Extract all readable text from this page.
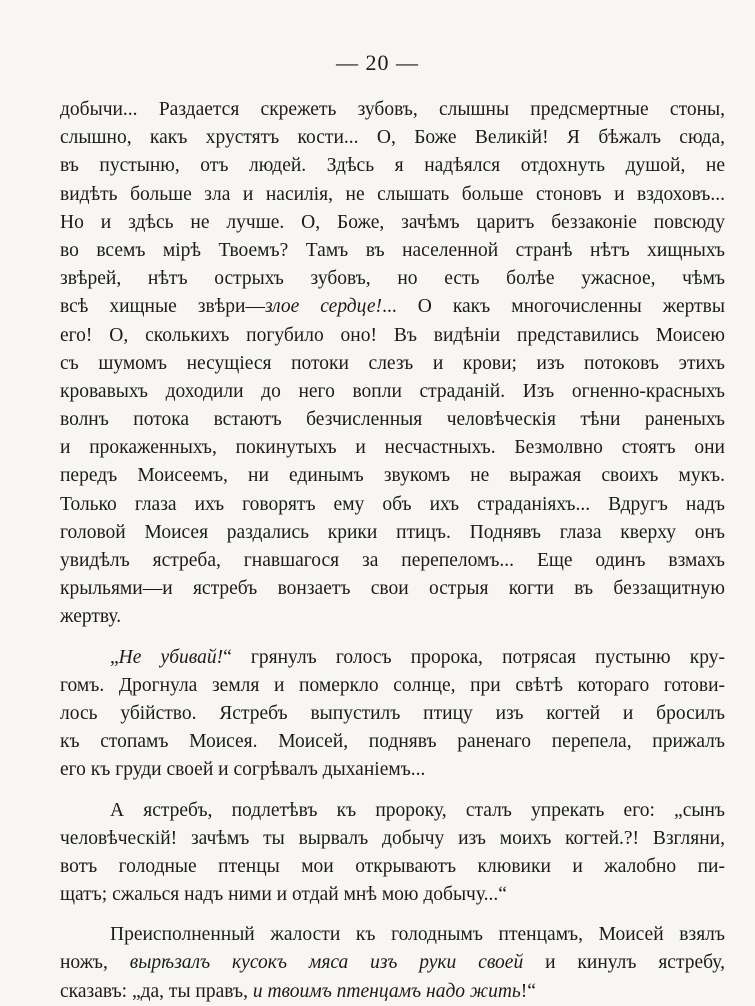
— 20 —
добычи... Раздается скрежеть зубовъ, слышны предсмертные стоны,
слышно, какъ хрустятъ кости... О, Боже Великій! Я бѣжалъ сюда,
въ пустыню, отъ людей. Здѣсь я надѣялся отдохнуть душой, не
видѣть больше зла и насилія, не слышать больше стоновъ и вздоховъ...
Но и здѣсь не лучше. О, Боже, зачѣмъ царитъ беззаконіе повсюду
во всемъ мірѣ Твоемъ? Тамъ въ населенной странѣ нѣтъ хищныхъ
звѣрей, нѣтъ острыхъ зубовъ, но есть болѣе ужасное, чѣмъ
всѣ хищные звѣри—злое сердце!... О какъ многочисленны жертвы
его! О, сколькихъ погубило оно! Въ видѣніи представились Моисею
съ шумомъ несущіеся потоки слезъ и крови; изъ потоковъ этихъ
кровавыхъ доходили до него вопли страданій. Изъ огненно-красныхъ
волнъ потока встаютъ безчисленныя человѣческія тѣни раненыхъ
и прокаженныхъ, покинутыхъ и несчастныхъ. Безмолвно стоятъ они
передъ Моисеемъ, ни единымъ звукомъ не выражая своихъ мукъ.
Только глаза ихъ говорятъ ему объ ихъ страданіяхъ... Вдругъ надъ
головой Моисея раздались крики птицъ. Поднявъ глаза кверху онъ
увидѣлъ ястреба, гнавшагося за перепеломъ... Еще одинъ взмахъ
крыльями—и ястребъ вонзаетъ свои острыя когти въ беззащитную
жертву.
„Не убивай!“ грянулъ голосъ пророка, потрясая пустыню кру-
гомъ. Дрогнула земля и померкло солнце, при свѣтѣ котораго готови-
лось убійство. Ястребъ выпустилъ птицу изъ когтей и бросилъ
къ стопамъ Моисея. Моисей, поднявъ раненаго перепела, прижалъ
его къ груди своей и согрѣвалъ дыханіемъ...
А ястребъ, подлетѣвъ къ пророку, сталъ упрекать его: „сынъ
человѣческій! зачѣмъ ты вырвалъ добычу изъ моихъ когтей.?! Взгляни,
вотъ голодные птенцы мои открываютъ клювики и жалобно пи-
щатъ; сжалься надъ ними и отдай мнѣ мою добычу...“
Преисполненный жалости къ голоднымъ птенцамъ, Моисей взялъ
ножъ, вырѣзалъ кусокъ мяса изъ руки своей и кинулъ ястребу,
сказавъ: „да, ты правъ, и твоимъ птенцамъ надо жить!“
